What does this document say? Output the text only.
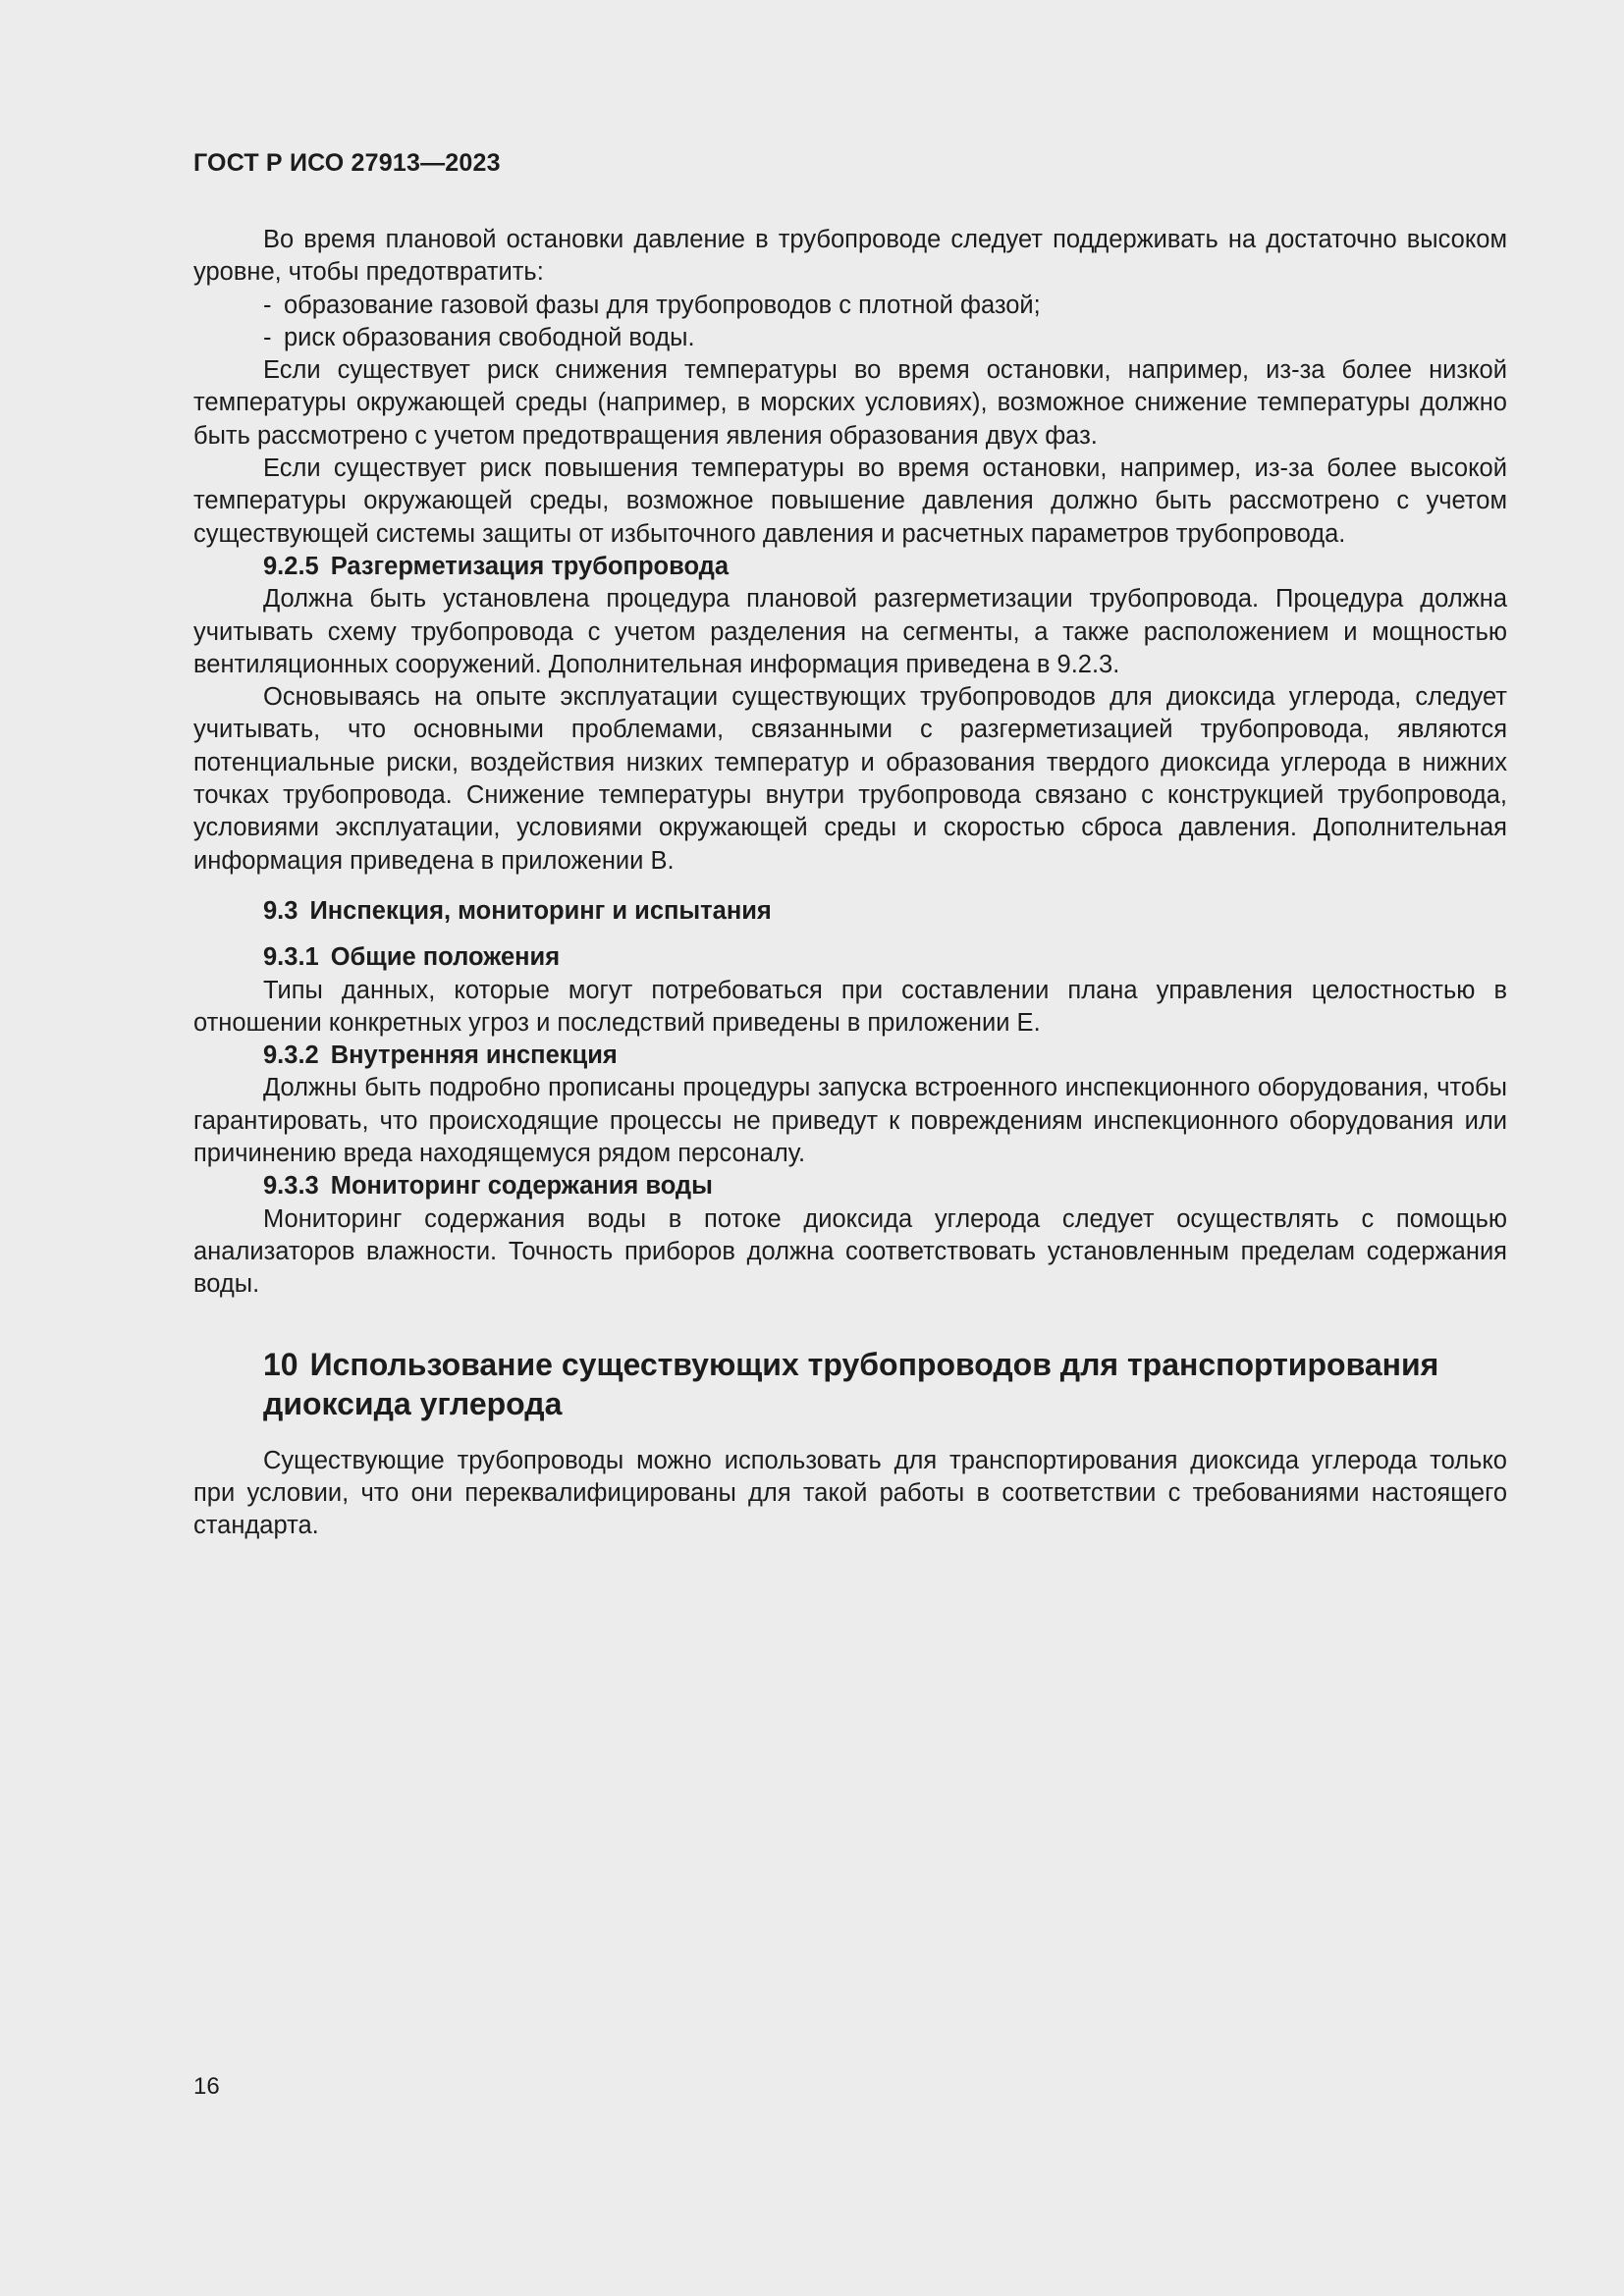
ГОСТ Р ИСО 27913—2023

Во время плановой остановки давление в трубопроводе следует поддерживать на достаточно высоком уровне, чтобы предотвратить:

- образование газовой фазы для трубопроводов с плотной фазой;

- риск образования свободной воды.

Если существует риск снижения температуры во время остановки, например, из-за более низкой температуры окружающей среды (например, в морских условиях), возможное снижение температуры должно быть рассмотрено с учетом предотвращения явления образования двух фаз.

Если существует риск повышения температуры во время остановки, например, из-за более высокой температуры окружающей среды, возможное повышение давления должно быть рассмотрено с учетом существующей системы защиты от избыточного давления и расчетных параметров трубопровода.

9.2.5 Разгерметизация трубопровода

Должна быть установлена процедура плановой разгерметизации трубопровода. Процедура должна учитывать схему трубопровода с учетом разделения на сегменты, а также расположением и мощностью вентиляционных сооружений. Дополнительная информация приведена в 9.2.3.

Основываясь на опыте эксплуатации существующих трубопроводов для диоксида углерода, следует учитывать, что основными проблемами, связанными с разгерметизацией трубопровода, являются потенциальные риски, воздействия низких температур и образования твердого диоксида углерода в нижних точках трубопровода. Снижение температуры внутри трубопровода связано с конструкцией трубопровода, условиями эксплуатации, условиями окружающей среды и скоростью сброса давления. Дополнительная информация приведена в приложении В.

9.3 Инспекция, мониторинг и испытания

9.3.1 Общие положения

Типы данных, которые могут потребоваться при составлении плана управления целостностью в отношении конкретных угроз и последствий приведены в приложении Е.

9.3.2 Внутренняя инспекция

Должны быть подробно прописаны процедуры запуска встроенного инспекционного оборудования, чтобы гарантировать, что происходящие процессы не приведут к повреждениям инспекционного оборудования или причинению вреда находящемуся рядом персоналу.

9.3.3 Мониторинг содержания воды

Мониторинг содержания воды в потоке диоксида углерода следует осуществлять с помощью анализаторов влажности. Точность приборов должна соответствовать установленным пределам содержания воды.

10 Использование существующих трубопроводов для транспортирования диоксида углерода

Существующие трубопроводы можно использовать для транспортирования диоксида углерода только при условии, что они переквалифицированы для такой работы в соответствии с требованиями настоящего стандарта.

16
